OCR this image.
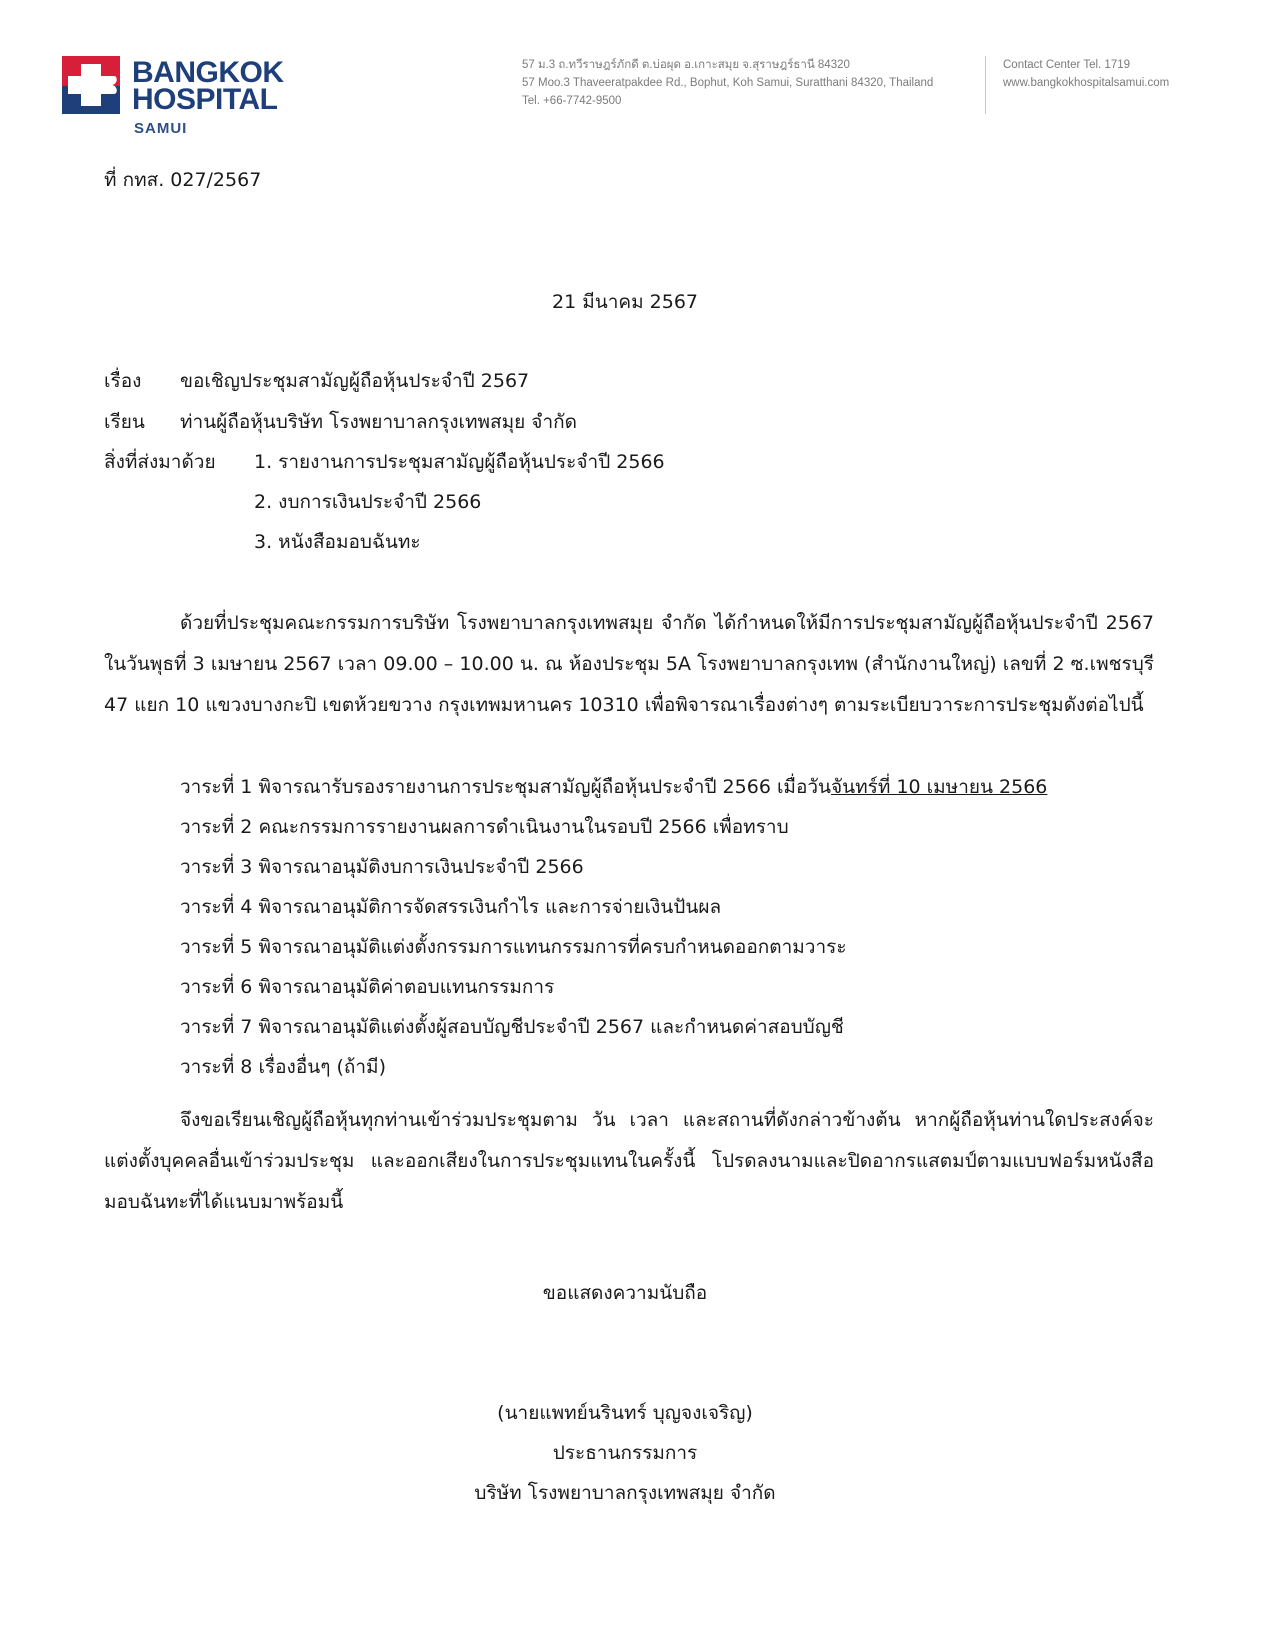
BANGKOK
HOSPITAL
SAMUI
57 ม.3 ถ.ทวีราษฎร์ภักดี ต.บ่อผุด อ.เกาะสมุย จ.สุราษฎร์ธานี 84320
57 Moo.3 Thaveeratpakdee Rd., Bophut, Koh Samui, Suratthani 84320, Thailand
Tel. +66-7742-9500
Contact Center Tel. 1719
www.bangkokhospitalsamui.com
ที่ กทส. 027/2567
21 มีนาคม 2567
เรื่อง ขอเชิญประชุมสามัญผู้ถือหุ้นประจำปี 2567
เรียน ท่านผู้ถือหุ้นบริษัท โรงพยาบาลกรุงเทพสมุย จำกัด
สิ่งที่ส่งมาด้วย 1. รายงานการประชุมสามัญผู้ถือหุ้นประจำปี 2566
2. งบการเงินประจำปี 2566
3. หนังสือมอบฉันทะ
ด้วยที่ประชุมคณะกรรมการบริษัท โรงพยาบาลกรุงเทพสมุย จำกัด ได้กำหนดให้มีการประชุมสามัญผู้ถือหุ้นประจำปี 2567 ในวันพุธที่ 3 เมษายน 2567 เวลา 09.00 – 10.00 น. ณ ห้องประชุม 5A โรงพยาบาลกรุงเทพ (สำนักงานใหญ่) เลขที่ 2 ซ.เพชรบุรี 47 แยก 10 แขวงบางกะปิ เขตห้วยขวาง กรุงเทพมหานคร 10310 เพื่อพิจารณาเรื่องต่างๆ ตามระเบียบวาระการประชุมดังต่อไปนี้
วาระที่ 1 พิจารณารับรองรายงานการประชุมสามัญผู้ถือหุ้นประจำปี 2566 เมื่อวันจันทร์ที่ 10 เมษายน 2566
วาระที่ 2 คณะกรรมการรายงานผลการดำเนินงานในรอบปี 2566 เพื่อทราบ
วาระที่ 3 พิจารณาอนุมัติงบการเงินประจำปี 2566
วาระที่ 4 พิจารณาอนุมัติการจัดสรรเงินกำไร และการจ่ายเงินปันผล
วาระที่ 5 พิจารณาอนุมัติแต่งตั้งกรรมการแทนกรรมการที่ครบกำหนดออกตามวาระ
วาระที่ 6 พิจารณาอนุมัติค่าตอบแทนกรรมการ
วาระที่ 7 พิจารณาอนุมัติแต่งตั้งผู้สอบบัญชีประจำปี 2567 และกำหนดค่าสอบบัญชี
วาระที่ 8 เรื่องอื่นๆ (ถ้ามี)
จึงขอเรียนเชิญผู้ถือหุ้นทุกท่านเข้าร่วมประชุมตาม วัน เวลา และสถานที่ดังกล่าวข้างต้น หากผู้ถือหุ้นท่านใดประสงค์จะแต่งตั้งบุคคลอื่นเข้าร่วมประชุม และออกเสียงในการประชุมแทนในครั้งนี้ โปรดลงนามและปิดอากรแสตมป์ตามแบบฟอร์มหนังสือมอบฉันทะที่ได้แนบมาพร้อมนี้
ขอแสดงความนับถือ
(นายแพทย์นรินทร์ บุญจงเจริญ)
ประธานกรรมการ
บริษัท โรงพยาบาลกรุงเทพสมุย จำกัด
